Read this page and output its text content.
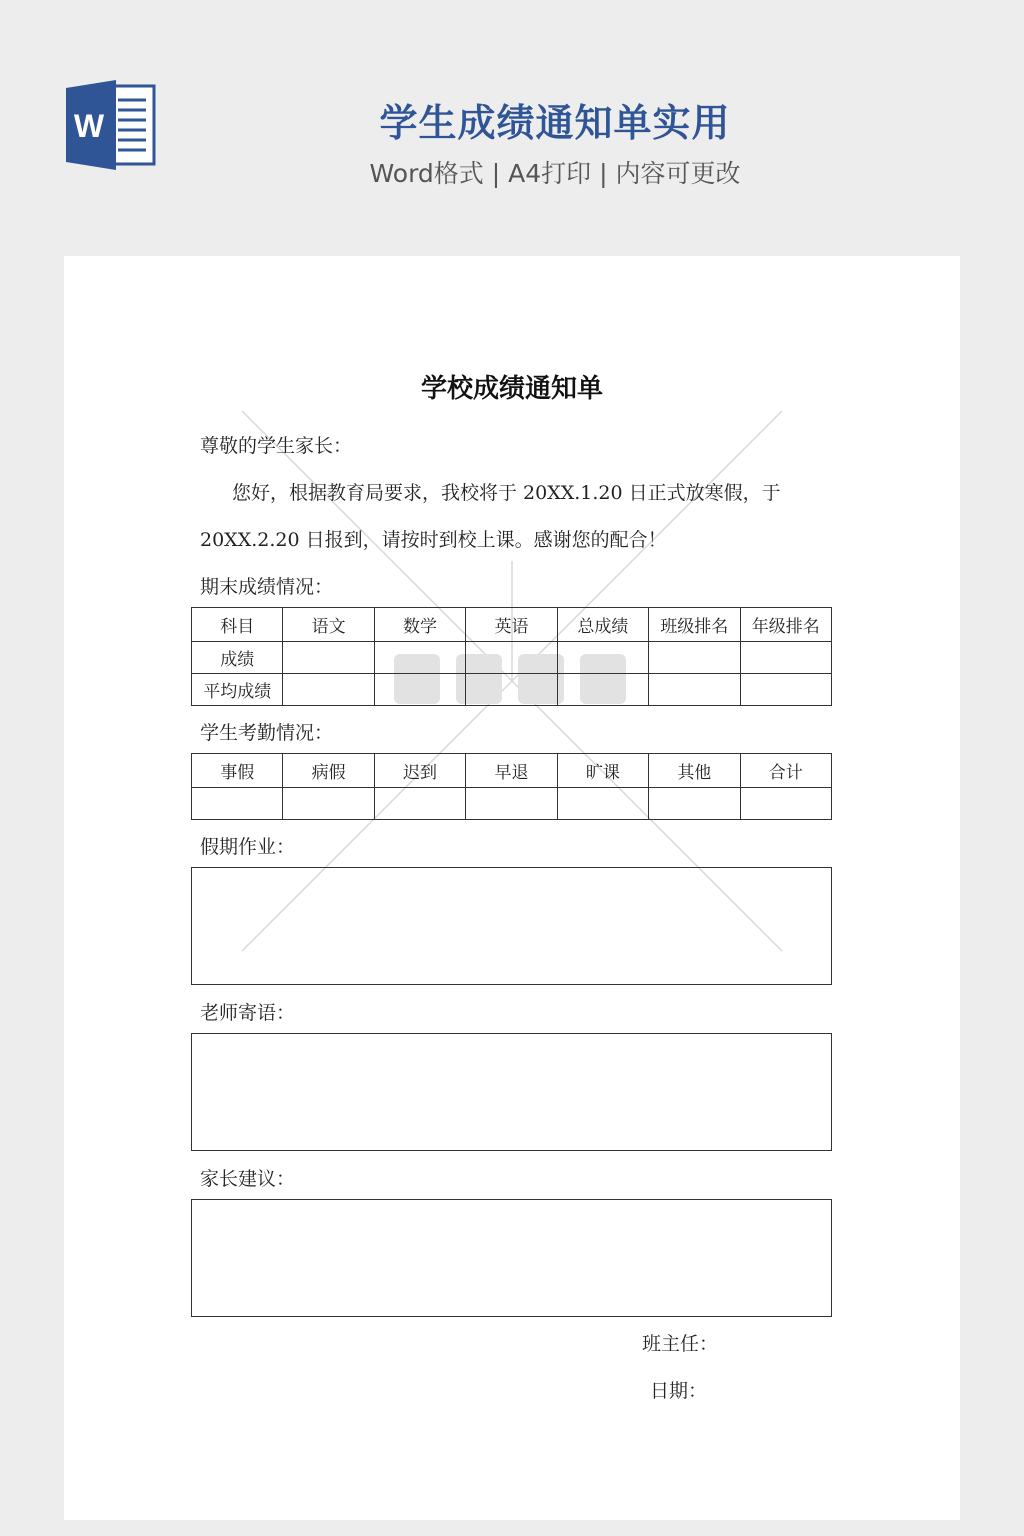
W	学生成绩通知单实用
Word格式 | A4打印 | 内容可更改
学校成绩通知单
尊敬的学生家长：
您好，根据教育局要求，我校将于 20XX.1.20 日正式放寒假，于
20XX.2.20 日报到，请按时到校上课。感谢您的配合！
期末成绩情况：
科目	语文	数学	英语	总成绩	班级排名	年级排名
成绩						
平均成绩						
学生考勤情况：
事假	病假	迟到	早退	旷课	其他	合计

假期作业：
老师寄语：
家长建议：
班主任：
日期：
